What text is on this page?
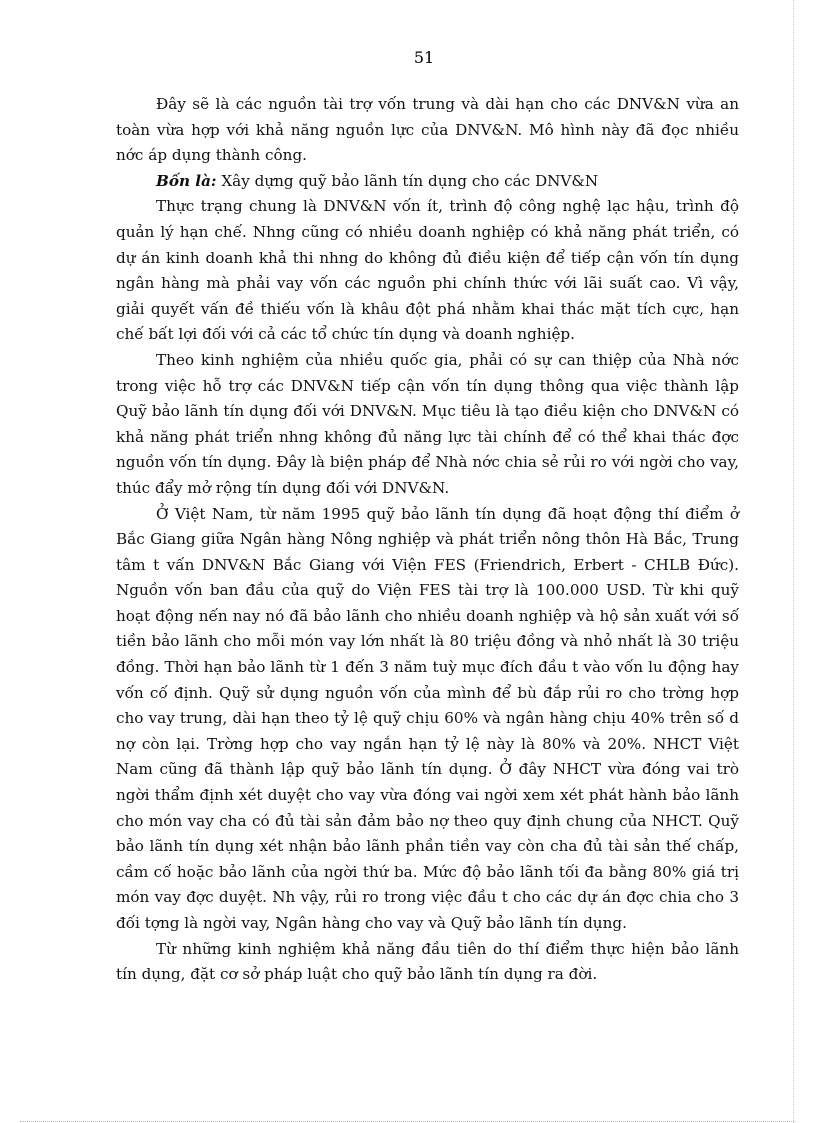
51

Đây sẽ là các nguồn tài trợ vốn trung và dài hạn cho các DNV&N vừa an toàn vừa hợp với khả năng nguồn lực của DNV&N. Mô hình này đã đọc nhiều nớc áp dụng thành công.

Bốn là: Xây dựng quỹ bảo lãnh tín dụng cho các DNV&N

Thực trạng chung là DNV&N vốn ít, trình độ công nghệ lạc hậu, trình độ quản lý hạn chế. Nhng cũng có nhiều doanh nghiệp có khả năng phát triển, có dự án kinh doanh khả thi nhng do không đủ điều kiện để tiếp cận vốn tín dụng ngân hàng mà phải vay vốn các nguồn phi chính thức với lãi suất cao. Vì vậy, giải quyết vấn đề thiếu vốn là khâu đột phá nhằm khai thác mặt tích cực, hạn chế bất lợi đối với cả các tổ chức tín dụng và doanh nghiệp.

Theo kinh nghiệm của nhiều quốc gia, phải có sự can thiệp của Nhà nớc trong việc hỗ trợ các DNV&N tiếp cận vốn tín dụng thông qua việc thành lập Quỹ bảo lãnh tín dụng đối với DNV&N. Mục tiêu là tạo điều kiện cho DNV&N có khả năng phát triển nhng không đủ năng lực tài chính để có thể khai thác đợc nguồn vốn tín dụng. Đây là biện pháp để Nhà nớc chia sẻ rủi ro với ngời cho vay, thúc đẩy mở rộng tín dụng đối với DNV&N.

Ở Việt Nam, từ năm 1995 quỹ bảo lãnh tín dụng đã hoạt động thí điểm ở Bắc Giang giữa Ngân hàng Nông nghiệp và phát triển nông thôn Hà Bắc, Trung tâm t vấn DNV&N Bắc Giang với Viện FES (Friendrich, Erbert - CHLB Đức). Nguồn vốn ban đầu của quỹ do Viện FES tài trợ là 100.000 USD. Từ khi quỹ hoạt động nến nay nó đã bảo lãnh cho nhiều doanh nghiệp và hộ sản xuất với số tiền bảo lãnh cho mỗi món vay lớn nhất là 80 triệu đồng và nhỏ nhất là 30 triệu đồng. Thời hạn bảo lãnh từ 1 đến 3 năm tuỳ mục đích đầu t vào vốn lu động hay vốn cố định. Quỹ sử dụng nguồn vốn của mình để bù đắp rủi ro cho trờng hợp cho vay trung, dài hạn theo tỷ lệ quỹ chịu 60% và ngân hàng chịu 40% trên số d nợ còn lại. Trờng hợp cho vay ngắn hạn tỷ lệ này là 80% và 20%. NHCT Việt Nam cũng đã thành lập quỹ bảo lãnh tín dụng. Ở đây NHCT vừa đóng vai trò ngời thẩm định xét duyệt cho vay vừa đóng vai ngời xem xét phát hành bảo lãnh cho món vay cha có đủ tài sản đảm bảo nợ theo quy định chung của NHCT. Quỹ bảo lãnh tín dụng xét nhận bảo lãnh phần tiền vay còn cha đủ tài sản thế chấp, cầm cố hoặc bảo lãnh của ngời thứ ba. Mức độ bảo lãnh tối đa bằng 80% giá trị món vay đợc duyệt. Nh vậy, rủi ro trong việc đầu t cho các dự án đợc chia cho 3 đối tợng là ngời vay, Ngân hàng cho vay và Quỹ bảo lãnh tín dụng.

Từ những kinh nghiệm khả năng đầu tiên do thí điểm thực hiện bảo lãnh tín dụng, đặt cơ sở pháp luật cho quỹ bảo lãnh tín dụng ra đời.
